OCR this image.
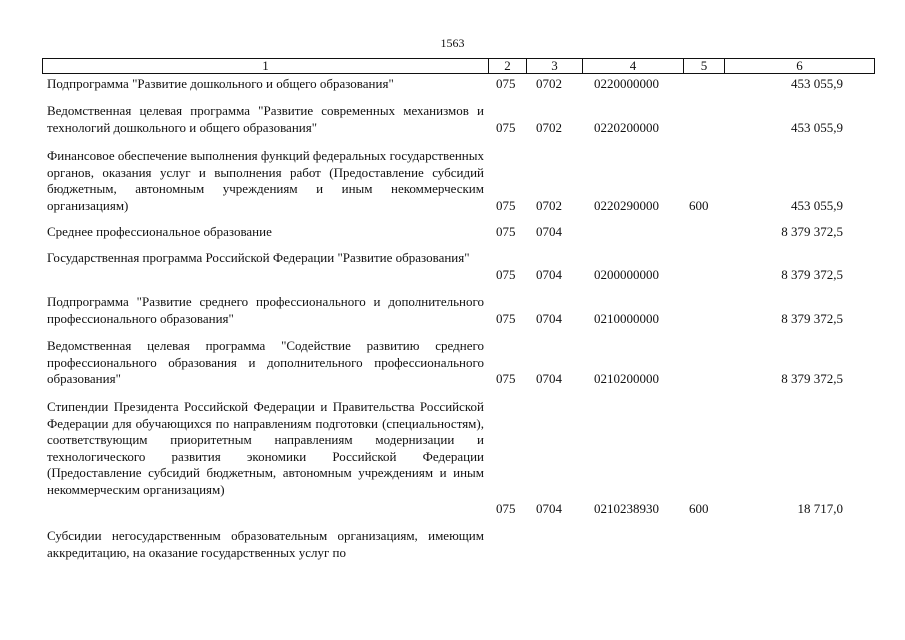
1563
1	2	3	4	5	6
Подпрограмма "Развитие дошкольного и общего образования"	075 0702 0220000000	453 055,9
Ведомственная целевая программа "Развитие современных механизмов и технологий дошкольного и общего образования"	075 0702 0220200000	453 055,9
Финансовое обеспечение выполнения функций федеральных государственных органов, оказания услуг и выполнения работ (Предоставление субсидий бюджетным, автономным учреждениям и иным некоммерческим организациям)	075 0702 0220290000 600	453 055,9
Среднее профессиональное образование	075 0704	8 379 372,5
Государственная программа Российской Федерации "Развитие образования"
075 0704 0200000000	8 379 372,5
Подпрограмма "Развитие среднего профессионального и дополнительного профессионального образования"	075 0704 0210000000	8 379 372,5
Ведомственная целевая программа "Содействие развитию среднего профессионального образования и дополнительного профессионального образования"	075 0704 0210200000	8 379 372,5
Стипендии Президента Российской Федерации и Правительства Российской Федерации для обучающихся по направлениям подготовки (специальностям), соответствующим приоритетным направлениям модернизации и технологического развития экономики Российской Федерации (Предоставление субсидий бюджетным, автономным учреждениям и иным некоммерческим организациям)
075 0704 0210238930 600	18 717,0
Субсидии негосударственным образовательным организациям, имеющим аккредитацию, на оказание государственных услуг по
